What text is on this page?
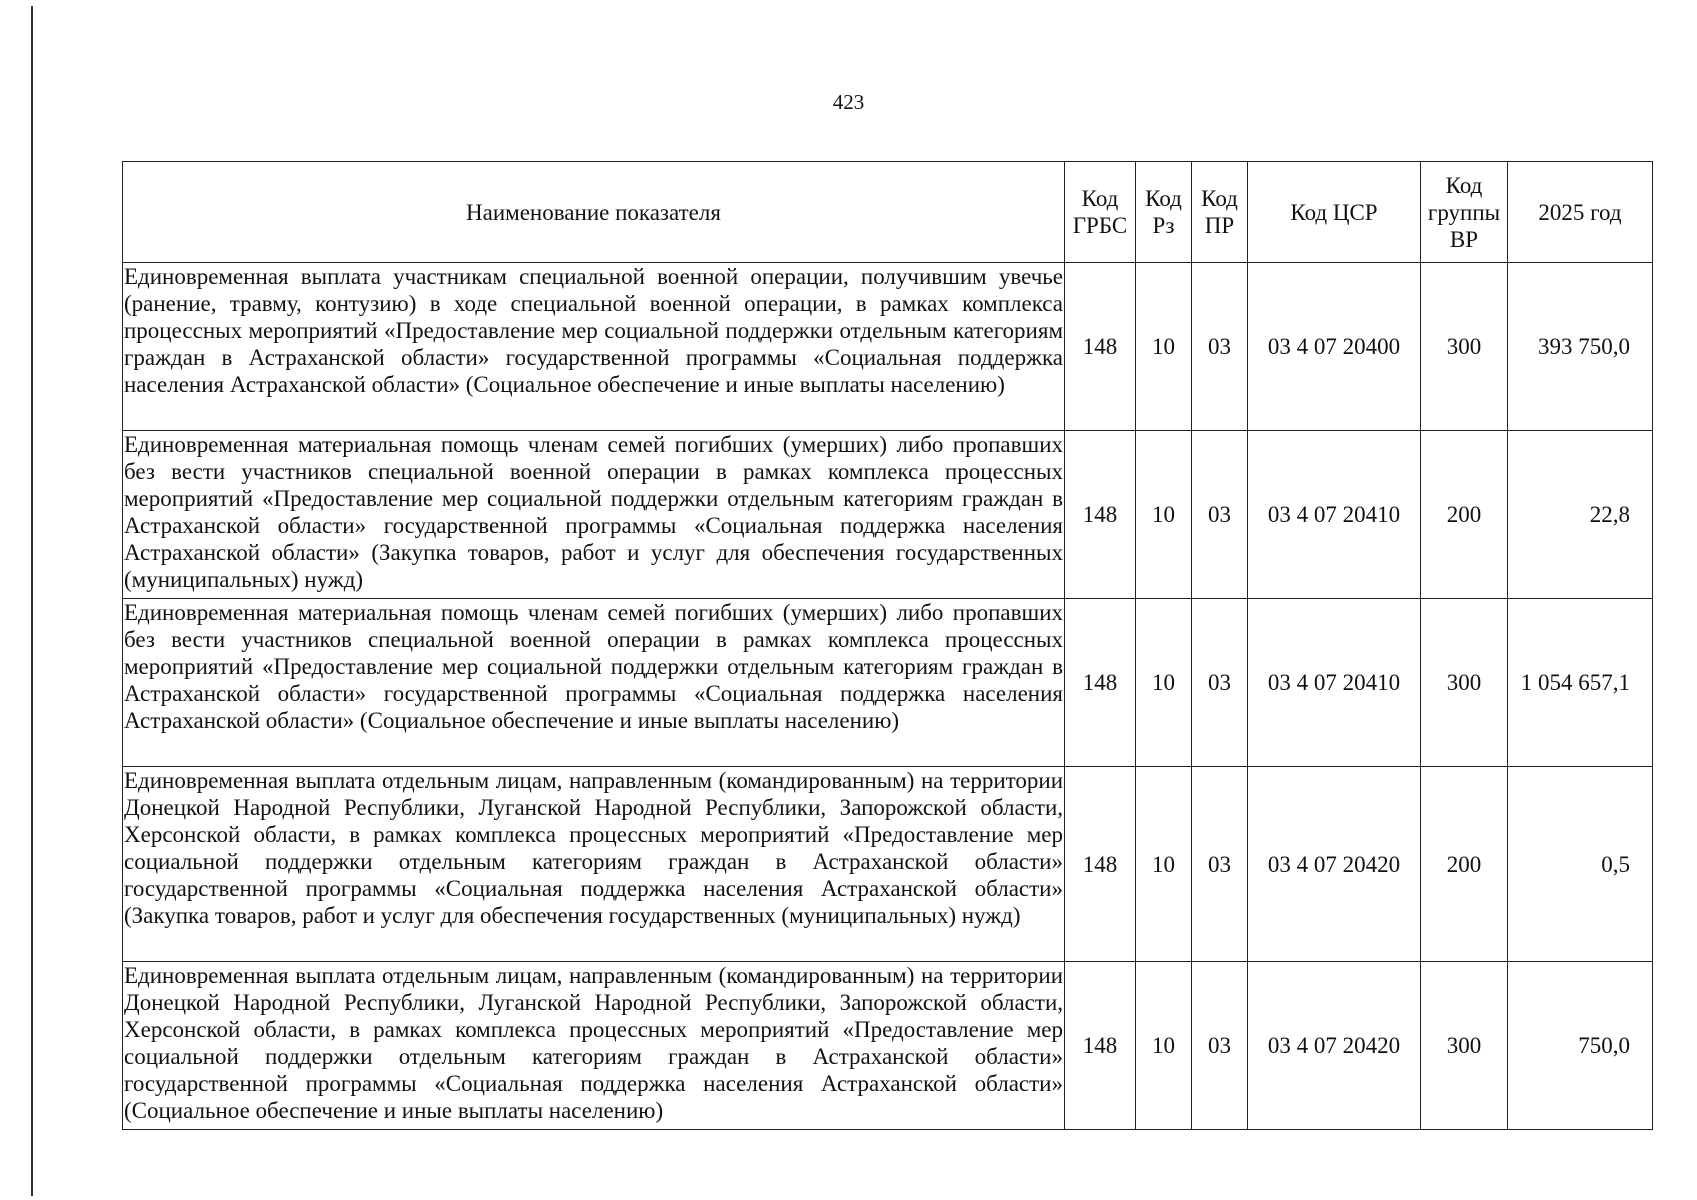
423
Наименование показателя	Код ГРБС	Код Рз	Код ПР	Код ЦСР	Код группы ВР	2025 год
Единовременная выплата участникам специальной военной операции, получившим увечье (ранение, травму, контузию) в ходе специальной военной операции, в рамках комплекса процессных мероприятий «Предоставление мер социальной поддержки отдельным категориям граждан в Астраханской области» государственной программы «Социальная поддержка населения Астраханской области» (Социальное обеспечение и иные выплаты населению)	148	10	03	03 4 07 20400	300	393 750,0
Единовременная материальная помощь членам семей погибших (умерших) либо пропавших без вести участников специальной военной операции в рамках комплекса процессных мероприятий «Предоставление мер социальной поддержки отдельным категориям граждан в Астраханской области» государственной программы «Социальная поддержка населения Астраханской области» (Закупка товаров, работ и услуг для обеспечения государственных (муниципальных) нужд)	148	10	03	03 4 07 20410	200	22,8
Единовременная материальная помощь членам семей погибших (умерших) либо пропавших без вести участников специальной военной операции в рамках комплекса процессных мероприятий «Предоставление мер социальной поддержки отдельным категориям граждан в Астраханской области» государственной программы «Социальная поддержка населения Астраханской области» (Социальное обеспечение и иные выплаты населению)	148	10	03	03 4 07 20410	300	1 054 657,1
Единовременная выплата отдельным лицам, направленным (командированным) на территории Донецкой Народной Республики, Луганской Народной Республики, Запорожской области, Херсонской области, в рамках комплекса процессных мероприятий «Предоставление мер социальной поддержки отдельным категориям граждан в Астраханской области» государственной программы «Социальная поддержка населения Астраханской области» (Закупка товаров, работ и услуг для обеспечения государственных (муниципальных) нужд)	148	10	03	03 4 07 20420	200	0,5
Единовременная выплата отдельным лицам, направленным (командированным) на территории Донецкой Народной Республики, Луганской Народной Республики, Запорожской области, Херсонской области, в рамках комплекса процессных мероприятий «Предоставление мер социальной поддержки отдельным категориям граждан в Астраханской области» государственной программы «Социальная поддержка населения Астраханской области» (Социальное обеспечение и иные выплаты населению)	148	10	03	03 4 07 20420	300	750,0
